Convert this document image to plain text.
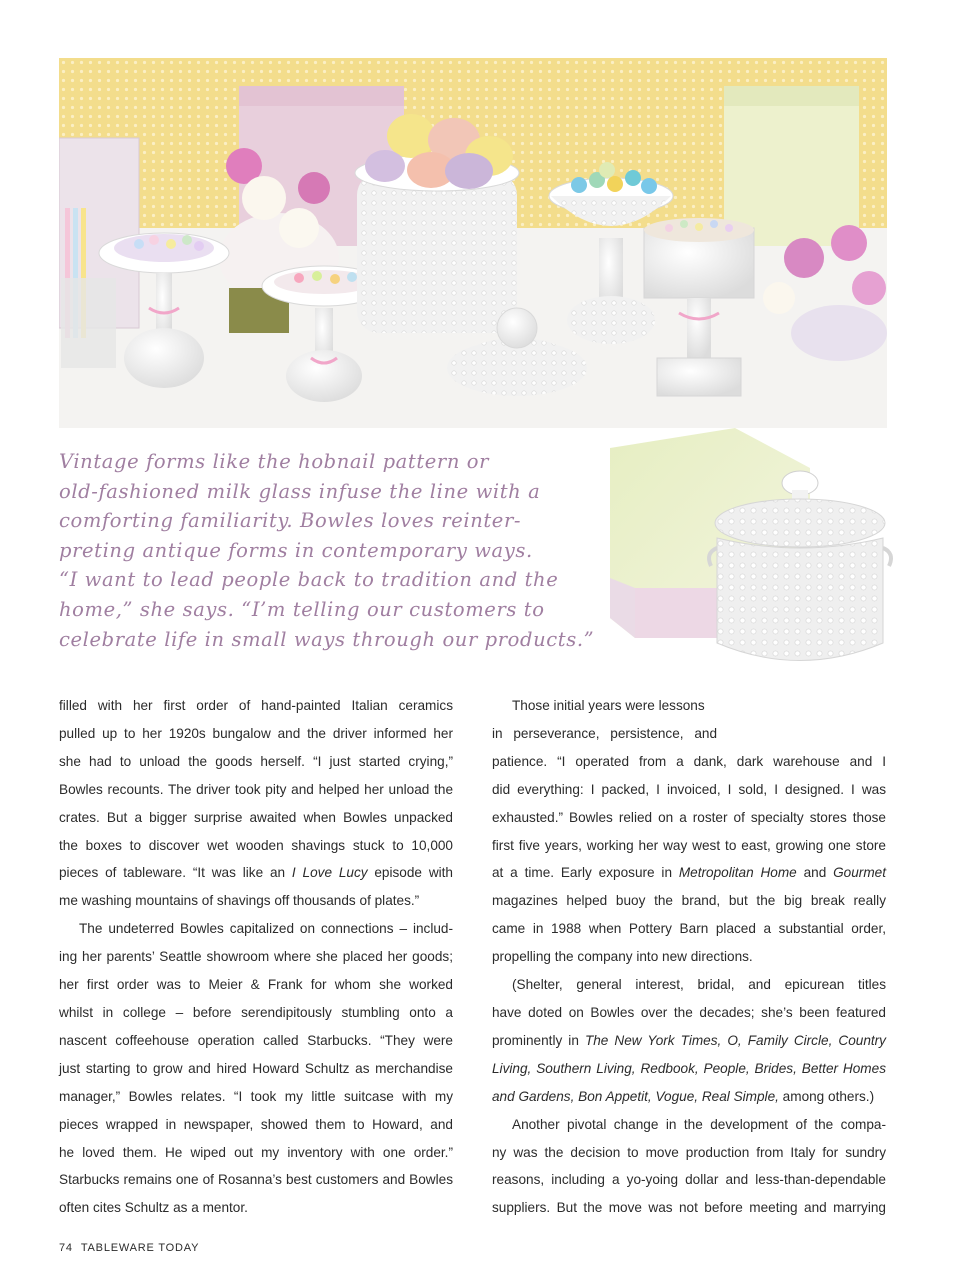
Vintage forms like the hobnail pattern or
old-fashioned milk glass infuse the line with a
comforting familiarity. Bowles loves reinter-
preting antique forms in contemporary ways.
“I want to lead people back to tradition and the
home,” she says. “I’m telling our customers to
celebrate life in small ways through our products.”

filled with her first order of hand-painted Italian ceramics
pulled up to her 1920s bungalow and the driver informed her
she had to unload the goods herself. “I just started crying,”
Bowles recounts. The driver took pity and helped her unload the
crates. But a bigger surprise awaited when Bowles unpacked
the boxes to discover wet wooden shavings stuck to 10,000
pieces of tableware. “It was like an I Love Lucy episode with
me washing mountains of shavings off thousands of plates.”

The undeterred Bowles capitalized on connections – includ-
ing her parents’ Seattle showroom where she placed her goods;
her first order was to Meier & Frank for whom she worked
whilst in college – before serendipitously stumbling onto a
nascent coffeehouse operation called Starbucks. “They were
just starting to grow and hired Howard Schultz as merchandise
manager,” Bowles relates. “I took my little suitcase with my
pieces wrapped in newspaper, showed them to Howard, and
he loved them. He wiped out my inventory with one order.”
Starbucks remains one of Rosanna’s best customers and Bowles
often cites Schultz as a mentor.

Those initial years were lessons
in perseverance, persistence, and
patience. “I operated from a dank, dark warehouse and I
did everything: I packed, I invoiced, I sold, I designed. I was
exhausted.” Bowles relied on a roster of specialty stores those
first five years, working her way west to east, growing one store
at a time. Early exposure in Metropolitan Home and Gourmet
magazines helped buoy the brand, but the big break really
came in 1988 when Pottery Barn placed a substantial order,
propelling the company into new directions.

(Shelter, general interest, bridal, and epicurean titles
have doted on Bowles over the decades; she’s been featured
prominently in The New York Times, O, Family Circle, Country
Living, Southern Living, Redbook, People, Brides, Better Homes
and Gardens, Bon Appetit, Vogue, Real Simple, among others.)

Another pivotal change in the development of the compa-
ny was the decision to move production from Italy for sundry
reasons, including a yo-yoing dollar and less-than-dependable
suppliers. But the move was not before meeting and marrying

74 TABLEWARE TODAY
